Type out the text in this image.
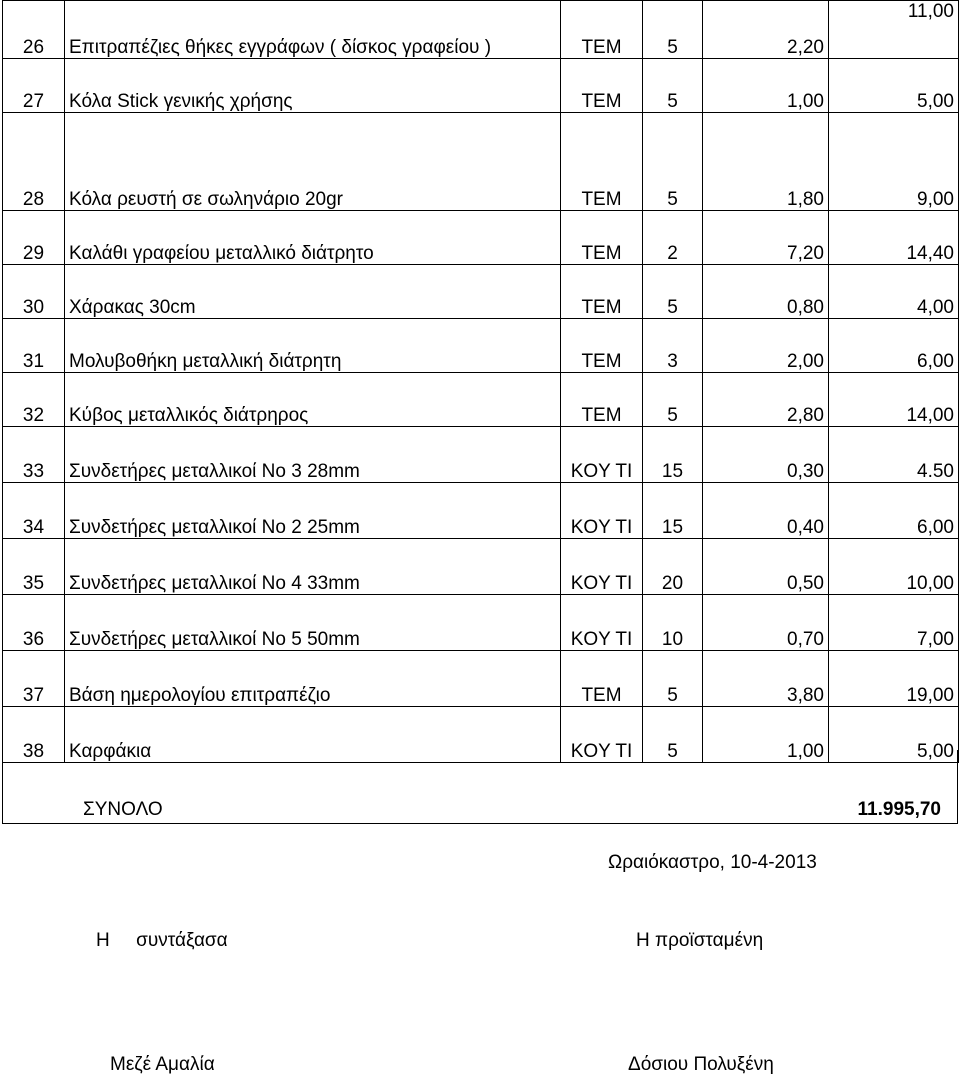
26	Επιτραπέζιες θήκες εγγράφων ( δίσκος γραφείου )	TEM	5	2,20	11,00
27	Κόλα Stick γενικής χρήσης	TEM	5	1,00	5,00
28	Κόλα ρευστή σε σωληνάριο 20gr	TEM	5	1,80	9,00
29	Καλάθι γραφείου μεταλλικό διάτρητο	TEM	2	7,20	14,40
30	Χάρακας 30cm	TEM	5	0,80	4,00
31	Μολυβοθήκη μεταλλική διάτρητη	TEM	3	2,00	6,00
32	Κύβος μεταλλικός διάτρηρος	TEM	5	2,80	14,00
33	Συνδετήρες μεταλλικοί Νο 3 28mm	KOY TI	15	0,30	4.50
34	Συνδετήρες μεταλλικοί Νο 2 25mm	KOY TI	15	0,40	6,00
35	Συνδετήρες μεταλλικοί Νο 4 33mm	KOY TI	20	0,50	10,00
36	Συνδετήρες μεταλλικοί Νο 5 50mm	KOY TI	10	0,70	7,00
37	Βάση ημερολογίου επιτραπέζιο	TEM	5	3,80	19,00
38	Καρφάκια	KOY TI	5	1,00	5,00
ΣΥΝΟΛΟ	11.995,70
Ωραιόκαστρο, 10-4-2013
Η     συντάξασα	Η προϊσταμένη
Μεζέ Αμαλία	Δόσιου Πολυξένη
